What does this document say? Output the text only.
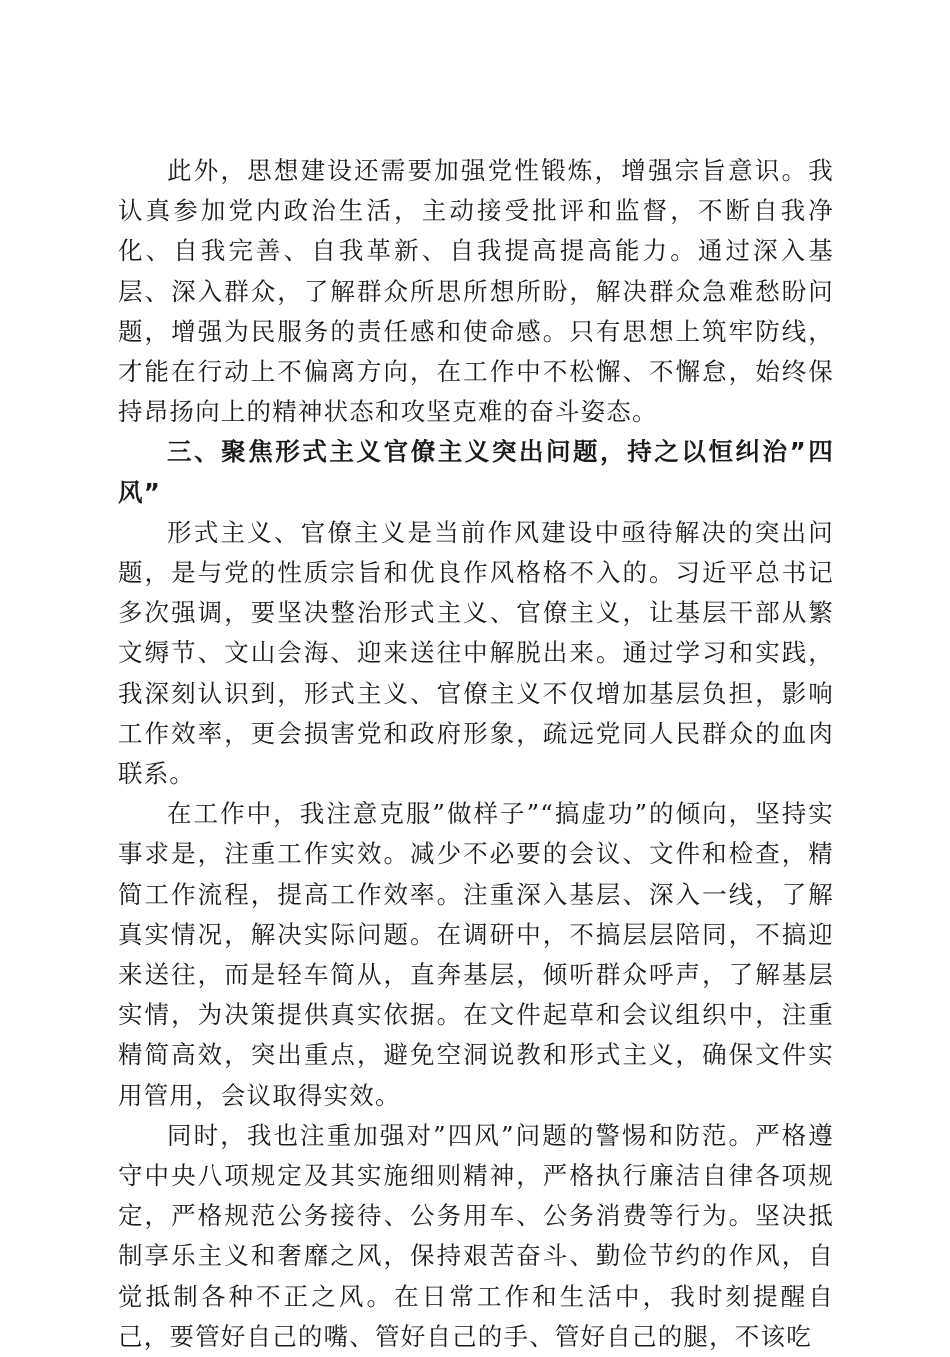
此外，思想建设还需要加强党性锻炼，增强宗旨意识。我认真参加党内政治生活，主动接受批评和监督，不断自我净化、自我完善、自我革新、自我提高提高能力。通过深入基层、深入群众，了解群众所思所想所盼，解决群众急难愁盼问题，增强为民服务的责任感和使命感。只有思想上筑牢防线，才能在行动上不偏离方向，在工作中不松懈、不懈怠，始终保持昂扬向上的精神状态和攻坚克难的奋斗姿态。

三、聚焦形式主义官僚主义突出问题，持之以恒纠治”四风”

形式主义、官僚主义是当前作风建设中亟待解决的突出问题，是与党的性质宗旨和优良作风格格不入的。习近平总书记多次强调，要坚决整治形式主义、官僚主义，让基层干部从繁文缛节、文山会海、迎来送往中解脱出来。通过学习和实践，我深刻认识到，形式主义、官僚主义不仅增加基层负担，影响工作效率，更会损害党和政府形象，疏远党同人民群众的血肉联系。

在工作中，我注意克服”做样子”“搞虚功”的倾向，坚持实事求是，注重工作实效。减少不必要的会议、文件和检查，精简工作流程，提高工作效率。注重深入基层、深入一线，了解真实情况，解决实际问题。在调研中，不搞层层陪同，不搞迎来送往，而是轻车简从，直奔基层，倾听群众呼声，了解基层实情，为决策提供真实依据。在文件起草和会议组织中，注重精简高效，突出重点，避免空洞说教和形式主义，确保文件实用管用，会议取得实效。

同时，我也注重加强对”四风”问题的警惕和防范。严格遵守中央八项规定及其实施细则精神，严格执行廉洁自律各项规定，严格规范公务接待、公务用车、公务消费等行为。坚决抵制享乐主义和奢靡之风，保持艰苦奋斗、勤俭节约的作风，自觉抵制各种不正之风。在日常工作和生活中，我时刻提醒自己，要管好自己的嘴、管好自己的手、管好自己的腿，不该吃
